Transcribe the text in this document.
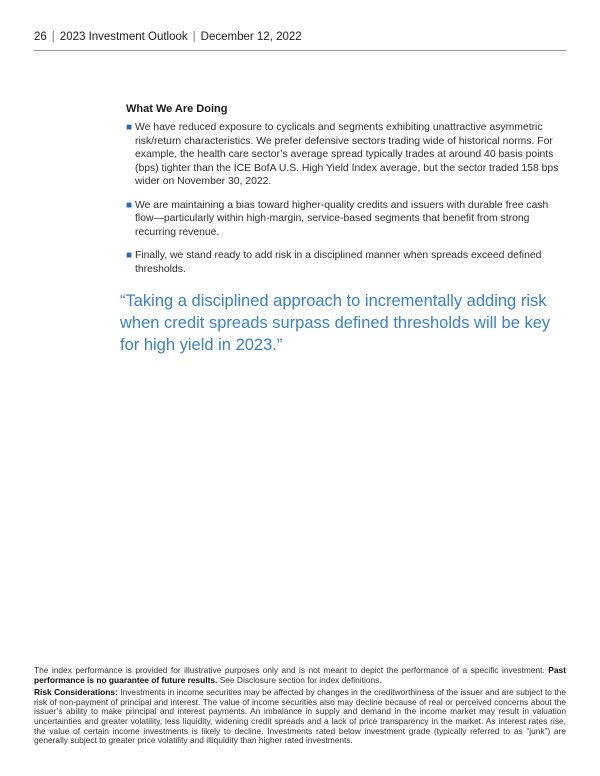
26 | 2023 Investment Outlook | December 12, 2022
What We Are Doing
■ We have reduced exposure to cyclicals and segments exhibiting unattractive asymmetric risk/return characteristics. We prefer defensive sectors trading wide of historical norms. For example, the health care sector’s average spread typically trades at around 40 basis points (bps) tighter than the ICE BofA U.S. High Yield Index average, but the sector traded 158 bps wider on November 30, 2022.
■ We are maintaining a bias toward higher-quality credits and issuers with durable free cash flow—particularly within high-margin, service-based segments that benefit from strong recurring revenue.
■ Finally, we stand ready to add risk in a disciplined manner when spreads exceed defined thresholds.
“Taking a disciplined approach to incrementally adding risk when credit spreads surpass defined thresholds will be key for high yield in 2023.”

The index performance is provided for illustrative purposes only and is not meant to depict the performance of a specific investment. Past performance is no guarantee of future results. See Disclosure section for index definitions.

Risk Considerations: Investments in income securities may be affected by changes in the creditworthiness of the issuer and are subject to the risk of non-payment of principal and interest. The value of income securities also may decline because of real or perceived concerns about the issuer’s ability to make principal and interest payments. An imbalance in supply and demand in the income market may result in valuation uncertainties and greater volatility, less liquidity, widening credit spreads and a lack of price transparency in the market. As interest rates rise, the value of certain income investments is likely to decline. Investments rated below investment grade (typically referred to as “junk”) are generally subject to greater price volatility and illiquidity than higher rated investments.
